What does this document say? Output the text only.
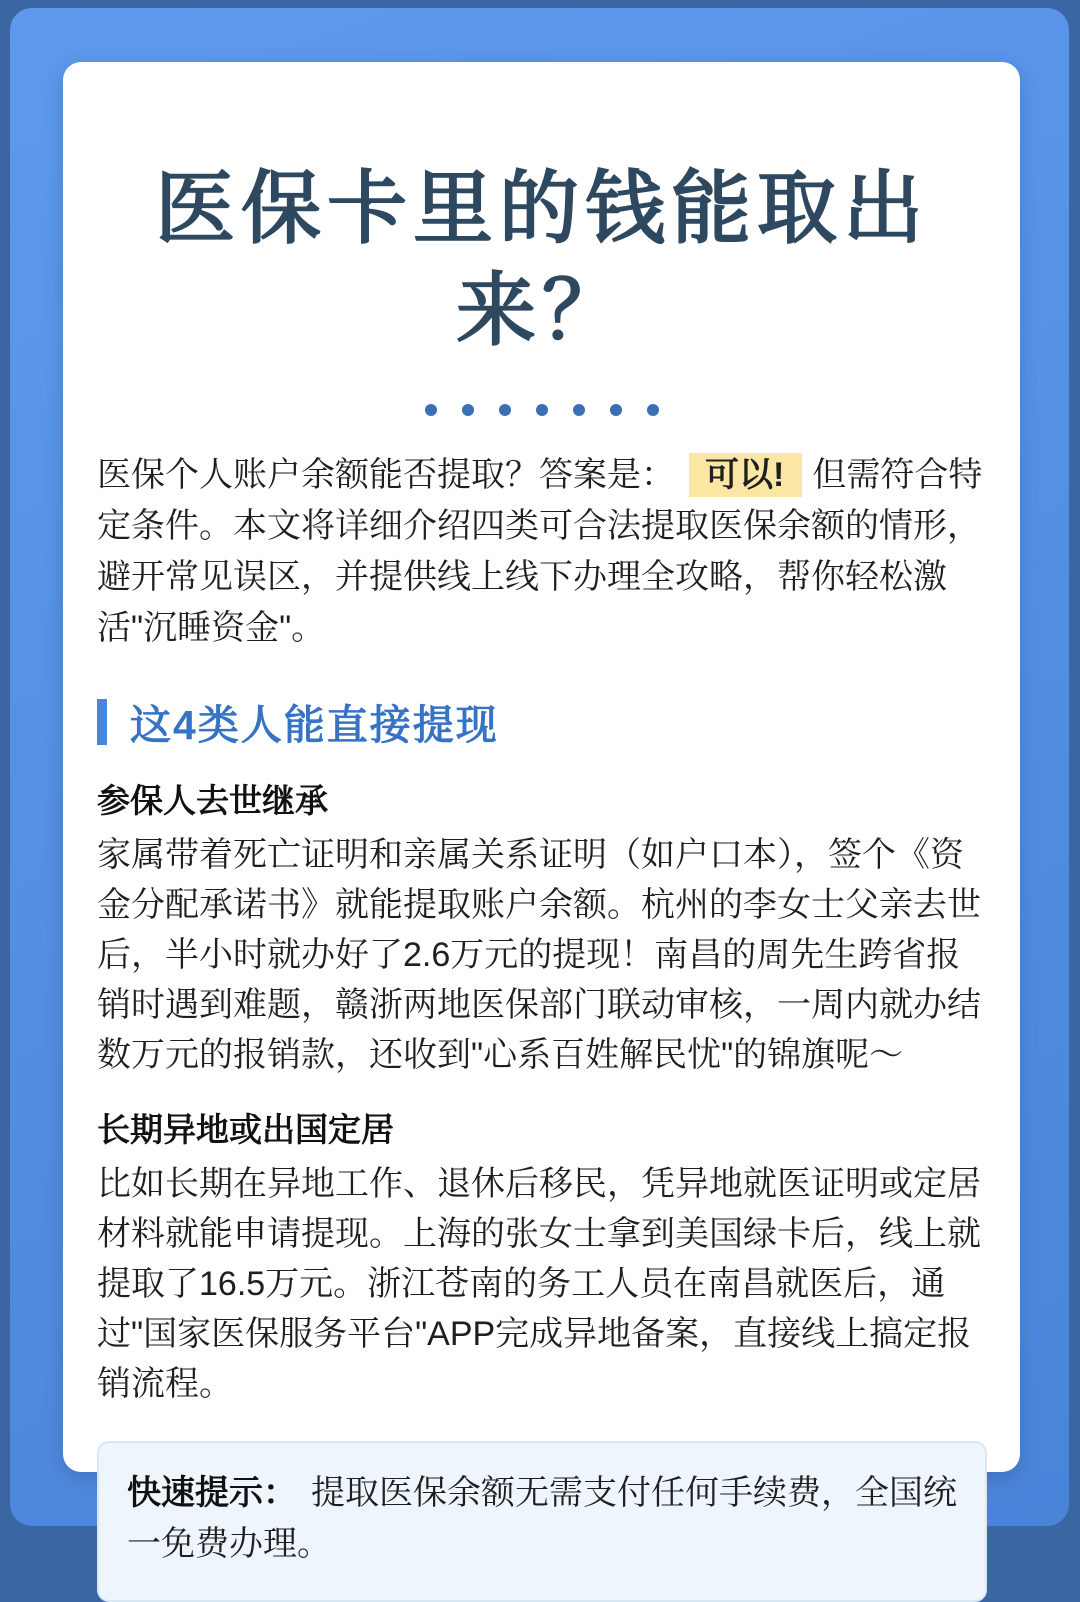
医保卡里的钱能取出来？

医保个人账户余额能否提取？答案是： 可以! 但需符合特定条件。本文将详细介绍四类可合法提取医保余额的情形，避开常见误区，并提供线上线下办理全攻略，帮你轻松激活"沉睡资金"。

这4类人能直接提现
参保人去世继承

家属带着死亡证明和亲属关系证明（如户口本），签个《资金分配承诺书》就能提取账户余额。杭州的李女士父亲去世后，半小时就办好了2.6万元的提现！南昌的周先生跨省报销时遇到难题，赣浙两地医保部门联动审核，一周内就办结数万元的报销款，还收到"心系百姓解民忧"的锦旗呢～

长期异地或出国定居

比如长期在异地工作、退休后移民，凭异地就医证明或定居材料就能申请提现。上海的张女士拿到美国绿卡后，线上就提取了16.5万元。浙江苍南的务工人员在南昌就医后，通过"国家医保服务平台"APP完成异地备案，直接线上搞定报销流程。

快速提示： 提取医保余额无需支付任何手续费，全国统一免费办理。
